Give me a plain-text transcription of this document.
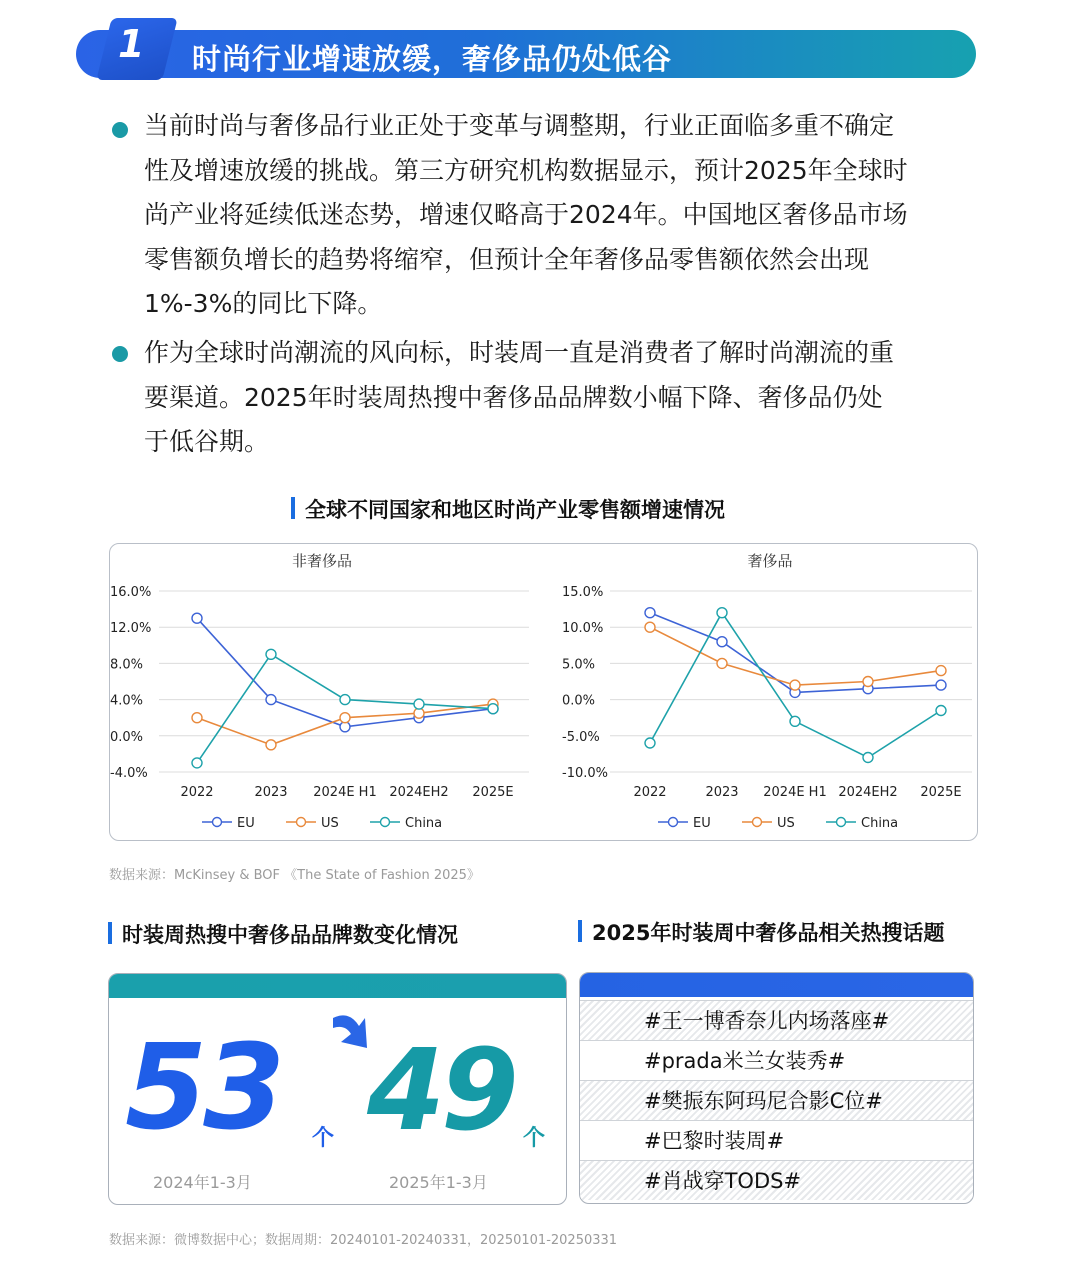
1	时尚行业增速放缓，奢侈品仍处低谷
当前时尚与奢侈品行业正处于变革与调整期，行业正面临多重不确定
性及增速放缓的挑战。第三方研究机构数据显示，预计2025年全球时
尚产业将延续低迷态势，增速仅略高于2024年。中国地区奢侈品市场
零售额负增长的趋势将缩窄，但预计全年奢侈品零售额依然会出现
1%-3%的同比下降。
作为全球时尚潮流的风向标，时装周一直是消费者了解时尚潮流的重
要渠道。2025年时装周热搜中奢侈品品牌数小幅下降、奢侈品仍处
于低谷期。
全球不同国家和地区时尚产业零售额增速情况
非奢侈品
16.0%
12.0%
8.0%
4.0%
0.0%
-4.0%
2022	2023 2024E H1 2024EH2 2025E
EU	US	China
奢侈品
15.0%
10.0%
5.0%
0.0%
-5.0%
-10.0%
2022	2023 2024E H1 2024EH2 2025E
EU	US	China
数据来源：McKinsey & BOF 《The State of Fashion 2025》
时装周热搜中奢侈品品牌数变化情况	2025年时装周中奢侈品相关热搜话题
53 个 49 个
2024年1-3月	2025年1-3月
#王一博香奈儿内场落座#
#prada米兰女装秀#
#樊振东阿玛尼合影C位#
#巴黎时装周#
#肖战穿TODS#
数据来源：微博数据中心；数据周期：20240101-20240331，20250101-20250331
